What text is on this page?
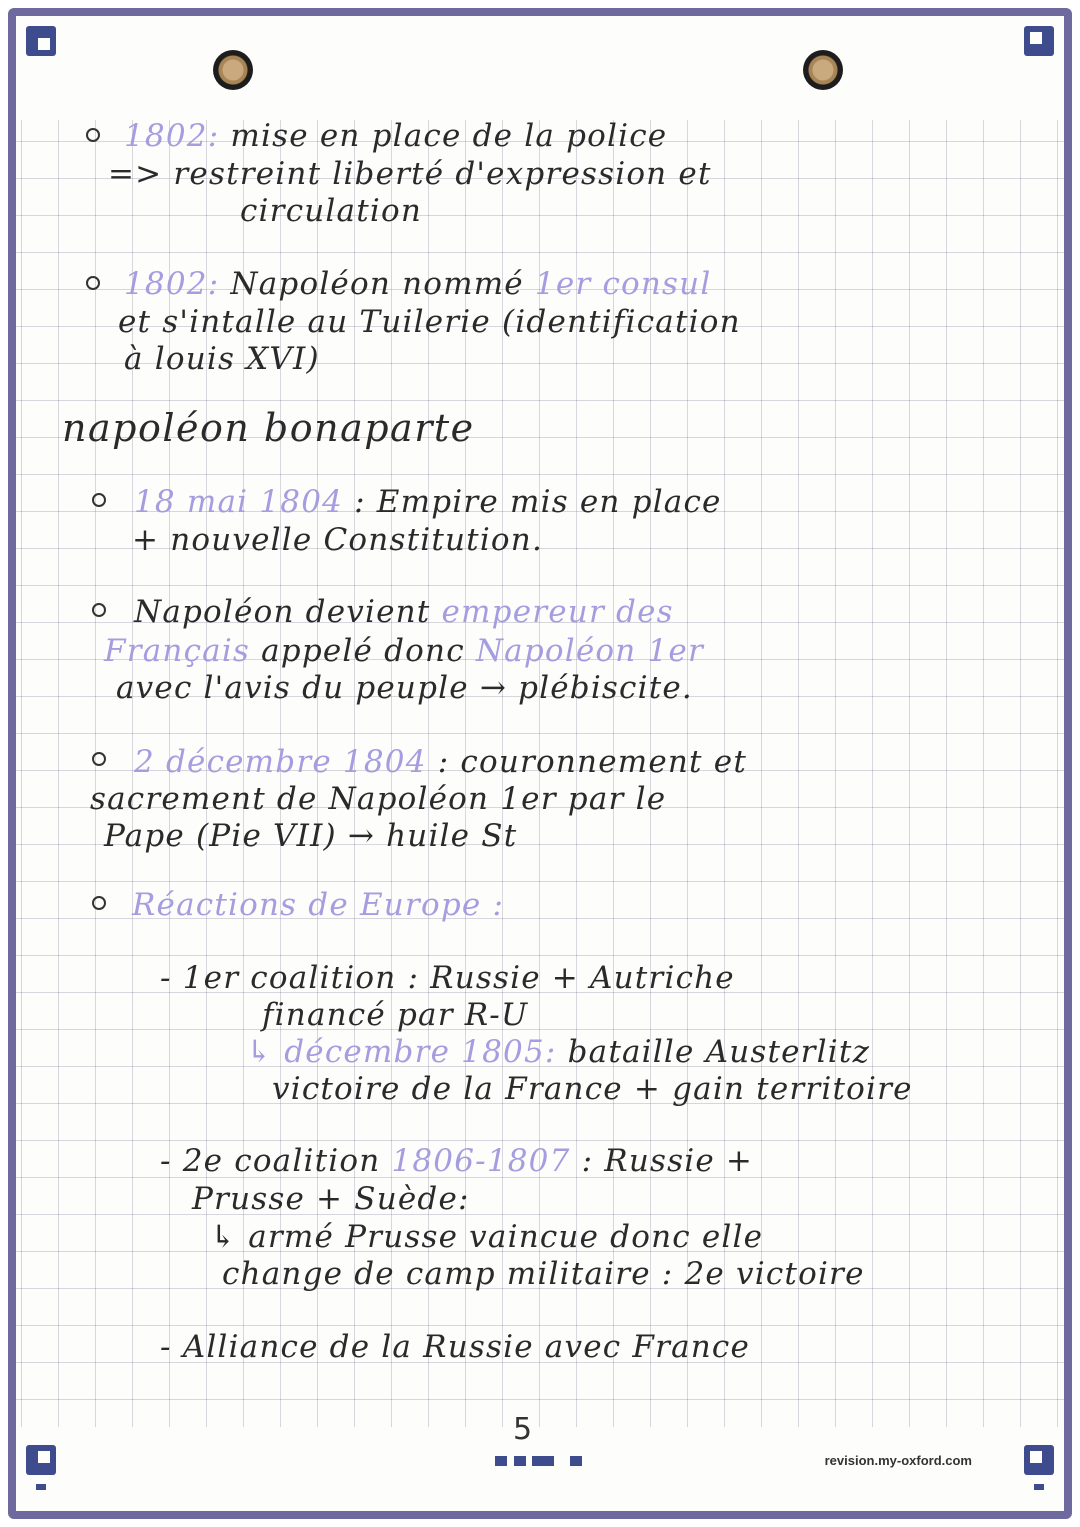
1802: mise en place de la police
=> restreint liberté d'expression et
circulation
1802: Napoléon nommé 1er consul
et s'intalle au Tuilerie (identification
à louis XVI)
napoléon bonaparte
18 mai 1804 : Empire mis en place
+ nouvelle Constitution.
Napoléon devient empereur des
Français appelé donc Napoléon 1er
avec l'avis du peuple → plébiscite.
2 décembre 1804 : couronnement et
sacrement de Napoléon 1er par le
Pape (Pie VII) → huile St
Réactions de Europe :
- 1er coalition : Russie + Autriche
financé par R-U
↳ décembre 1805: bataille Austerlitz
victoire de la France + gain territoire
- 2e coalition 1806-1807 : Russie +
Prusse + Suède:
↳ armé Prusse vaincue donc elle
change de camp militaire : 2e victoire
- Alliance de la Russie avec France
5
revision.my-oxford.com
